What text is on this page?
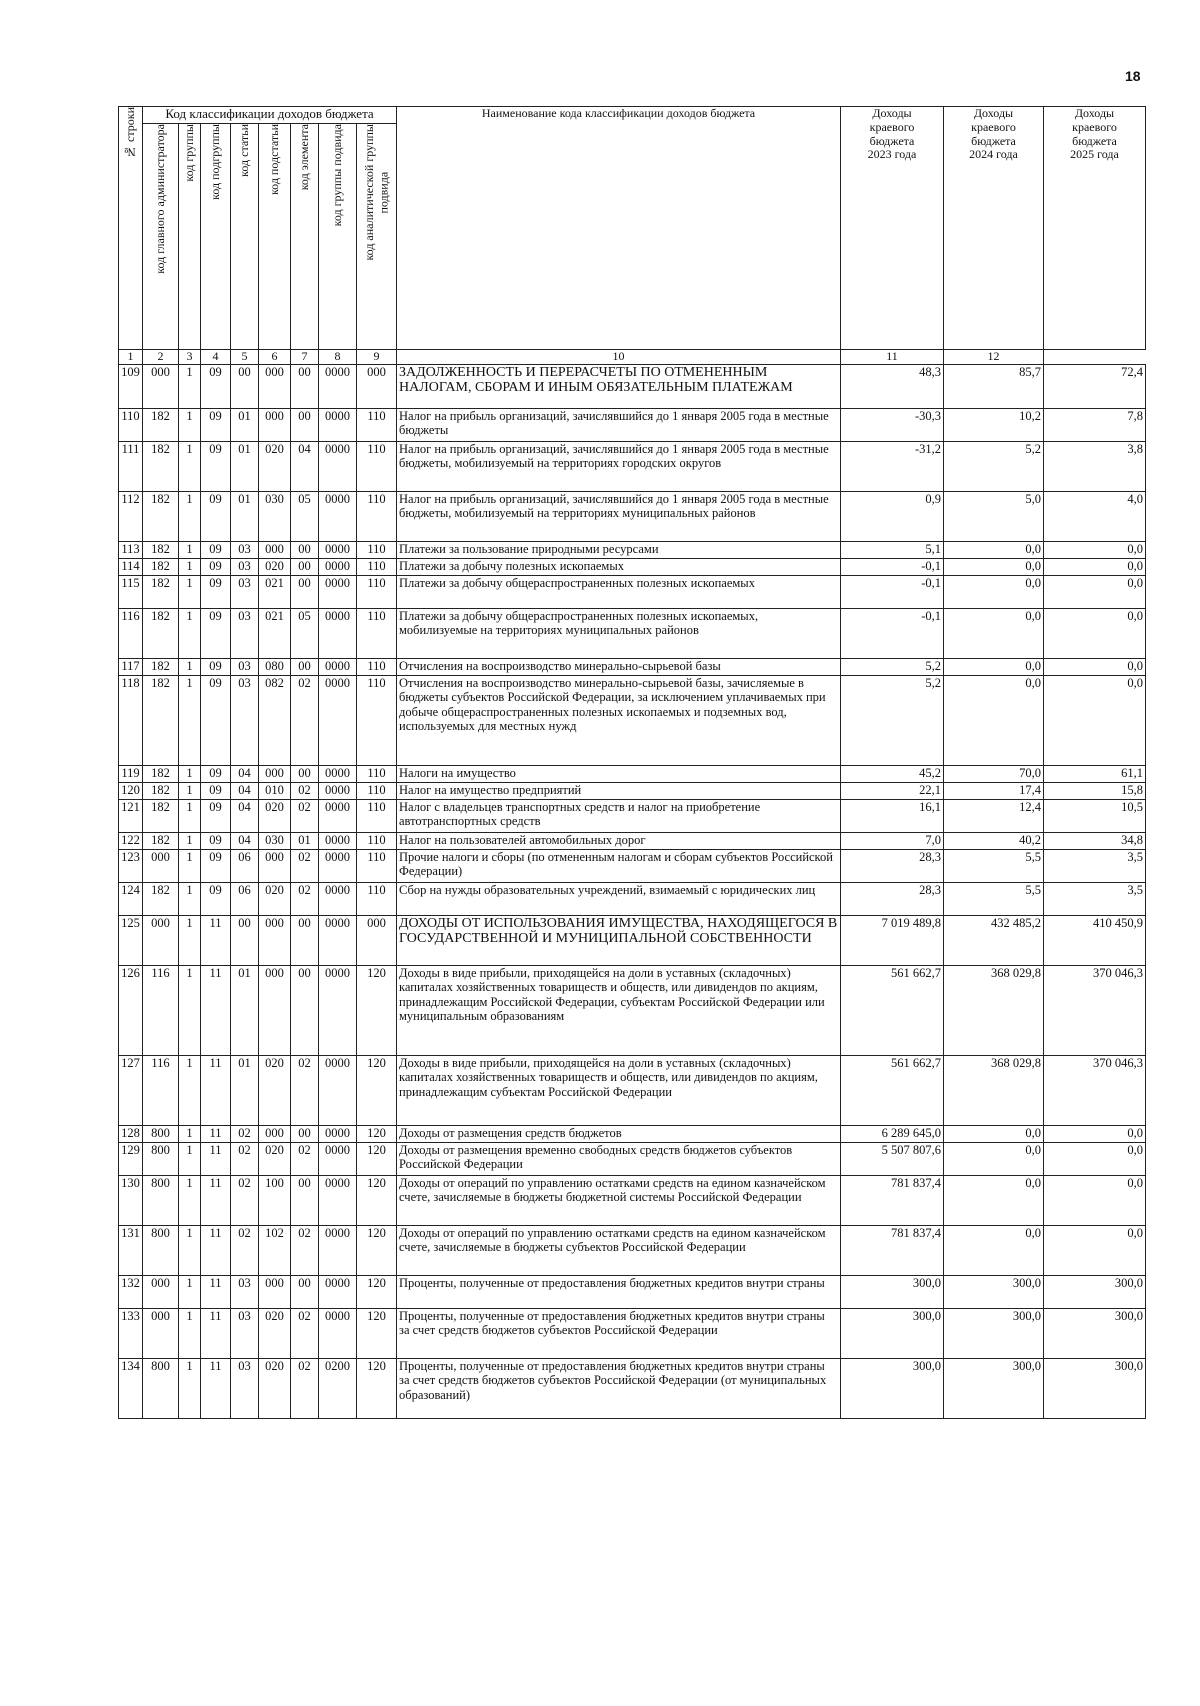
18
№ строки	Код классификации доходов бюджета								Наименование кода классификации доходов бюджета	Доходы
краевого
бюджета
2023 года	Доходы
краевого
бюджета
2024 года	Доходы
краевого
бюджета
2025 года
	код главного администратора	код группы	код подгруппы	код статьи	код подстатьи	код элемента	код группы подвида	код аналитической группы
подвида				
1	2	3	4	5	6	7	8	9	10	11	12	
109	000	1	09	00	000	00	0000	000	ЗАДОЛЖЕННОСТЬ И ПЕРЕРАСЧЕТЫ ПО ОТМЕНЕННЫМ НАЛОГАМ, СБОРАМ И ИНЫМ ОБЯЗАТЕЛЬНЫМ ПЛАТЕЖАМ	48,3	85,7	72,4
110	182	1	09	01	000	00	0000	110	Налог на прибыль организаций, зачислявшийся до 1 января 2005 года в местные бюджеты	-30,3	10,2	7,8
111	182	1	09	01	020	04	0000	110	Налог на прибыль организаций, зачислявшийся до 1 января 2005 года в местные бюджеты, мобилизуемый на территориях городских округов	-31,2	5,2	3,8
112	182	1	09	01	030	05	0000	110	Налог на прибыль организаций, зачислявшийся до 1 января 2005 года в местные бюджеты, мобилизуемый на территориях муниципальных районов	0,9	5,0	4,0
113	182	1	09	03	000	00	0000	110	Платежи за пользование природными ресурсами	5,1	0,0	0,0
114	182	1	09	03	020	00	0000	110	Платежи за добычу полезных ископаемых	-0,1	0,0	0,0
115	182	1	09	03	021	00	0000	110	Платежи за добычу общераспространенных полезных ископаемых	-0,1	0,0	0,0
116	182	1	09	03	021	05	0000	110	Платежи за добычу общераспространенных полезных ископаемых, мобилизуемые на территориях муниципальных районов	-0,1	0,0	0,0
117	182	1	09	03	080	00	0000	110	Отчисления на воспроизводство минерально-сырьевой базы	5,2	0,0	0,0
118	182	1	09	03	082	02	0000	110	Отчисления на воспроизводство минерально-сырьевой базы, зачисляемые в бюджеты субъектов Российской Федерации, за исключением уплачиваемых при добыче общераспространенных полезных ископаемых и подземных вод, используемых для местных нужд	5,2	0,0	0,0
119	182	1	09	04	000	00	0000	110	Налоги на имущество	45,2	70,0	61,1
120	182	1	09	04	010	02	0000	110	Налог на имущество предприятий	22,1	17,4	15,8
121	182	1	09	04	020	02	0000	110	Налог с владельцев транспортных средств и налог на приобретение автотранспортных средств	16,1	12,4	10,5
122	182	1	09	04	030	01	0000	110	Налог на пользователей автомобильных дорог	7,0	40,2	34,8
123	000	1	09	06	000	02	0000	110	Прочие налоги и сборы (по отмененным налогам и сборам субъектов Российской Федерации)	28,3	5,5	3,5
124	182	1	09	06	020	02	0000	110	Сбор на нужды образовательных учреждений, взимаемый с юридических лиц	28,3	5,5	3,5
125	000	1	11	00	000	00	0000	000	ДОХОДЫ ОТ ИСПОЛЬЗОВАНИЯ ИМУЩЕСТВА, НАХОДЯЩЕГОСЯ В ГОСУДАРСТВЕННОЙ И МУНИЦИПАЛЬНОЙ СОБСТВЕННОСТИ	7 019 489,8	432 485,2	410 450,9
126	116	1	11	01	000	00	0000	120	Доходы в виде прибыли, приходящейся на доли в уставных (складочных) капиталах хозяйственных товариществ и обществ, или дивидендов по акциям, принадлежащим Российской Федерации, субъектам Российской Федерации или муниципальным образованиям	561 662,7	368 029,8	370 046,3
127	116	1	11	01	020	02	0000	120	Доходы в виде прибыли, приходящейся на доли в уставных (складочных) капиталах хозяйственных товариществ и обществ, или дивидендов по акциям, принадлежащим субъектам Российской Федерации	561 662,7	368 029,8	370 046,3
128	800	1	11	02	000	00	0000	120	Доходы от размещения средств бюджетов	6 289 645,0	0,0	0,0
129	800	1	11	02	020	02	0000	120	Доходы от размещения временно свободных средств бюджетов субъектов Российской Федерации	5 507 807,6	0,0	0,0
130	800	1	11	02	100	00	0000	120	Доходы от операций по управлению остатками средств на едином казначейском счете, зачисляемые в бюджеты бюджетной системы Российской Федерации	781 837,4	0,0	0,0
131	800	1	11	02	102	02	0000	120	Доходы от операций по управлению остатками средств на едином казначейском счете, зачисляемые в бюджеты субъектов Российской Федерации	781 837,4	0,0	0,0
132	000	1	11	03	000	00	0000	120	Проценты, полученные от предоставления бюджетных кредитов внутри страны	300,0	300,0	300,0
133	000	1	11	03	020	02	0000	120	Проценты, полученные от предоставления бюджетных кредитов внутри страны за счет средств бюджетов субъектов Российской Федерации	300,0	300,0	300,0
134	800	1	11	03	020	02	0200	120	Проценты, полученные от предоставления бюджетных кредитов внутри страны за счет средств бюджетов субъектов Российской Федерации (от муниципальных образований)	300,0	300,0	300,0
